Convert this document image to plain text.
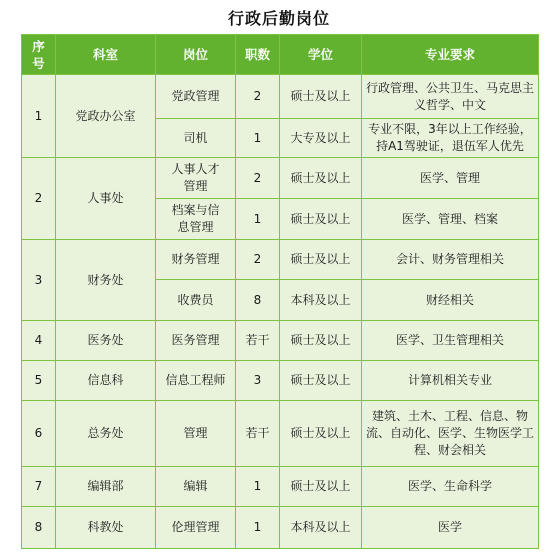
行政后勤岗位
序号	科室	岗位	职数	学位	专业要求
1	党政办公室	党政管理	2	硕士及以上	行政管理、公共卫生、马克思主义哲学、中文
		司机	1	大专及以上	专业不限，3年以上工作经验，持A1驾驶证，退伍军人优先
2	人事处	人事人才管理	2	硕士及以上	医学、管理
		档案与信息管理	1	硕士及以上	医学、管理、档案
3	财务处	财务管理	2	硕士及以上	会计、财务管理相关
		收费员	8	本科及以上	财经相关
4	医务处	医务管理	若干	硕士及以上	医学、卫生管理相关
5	信息科	信息工程师	3	硕士及以上	计算机相关专业
6	总务处	管理	若干	硕士及以上	建筑、土木、工程、信息、物流、自动化、医学、生物医学工程、财会相关
7	编辑部	编辑	1	硕士及以上	医学、生命科学
8	科教处	伦理管理	1	本科及以上	医学
